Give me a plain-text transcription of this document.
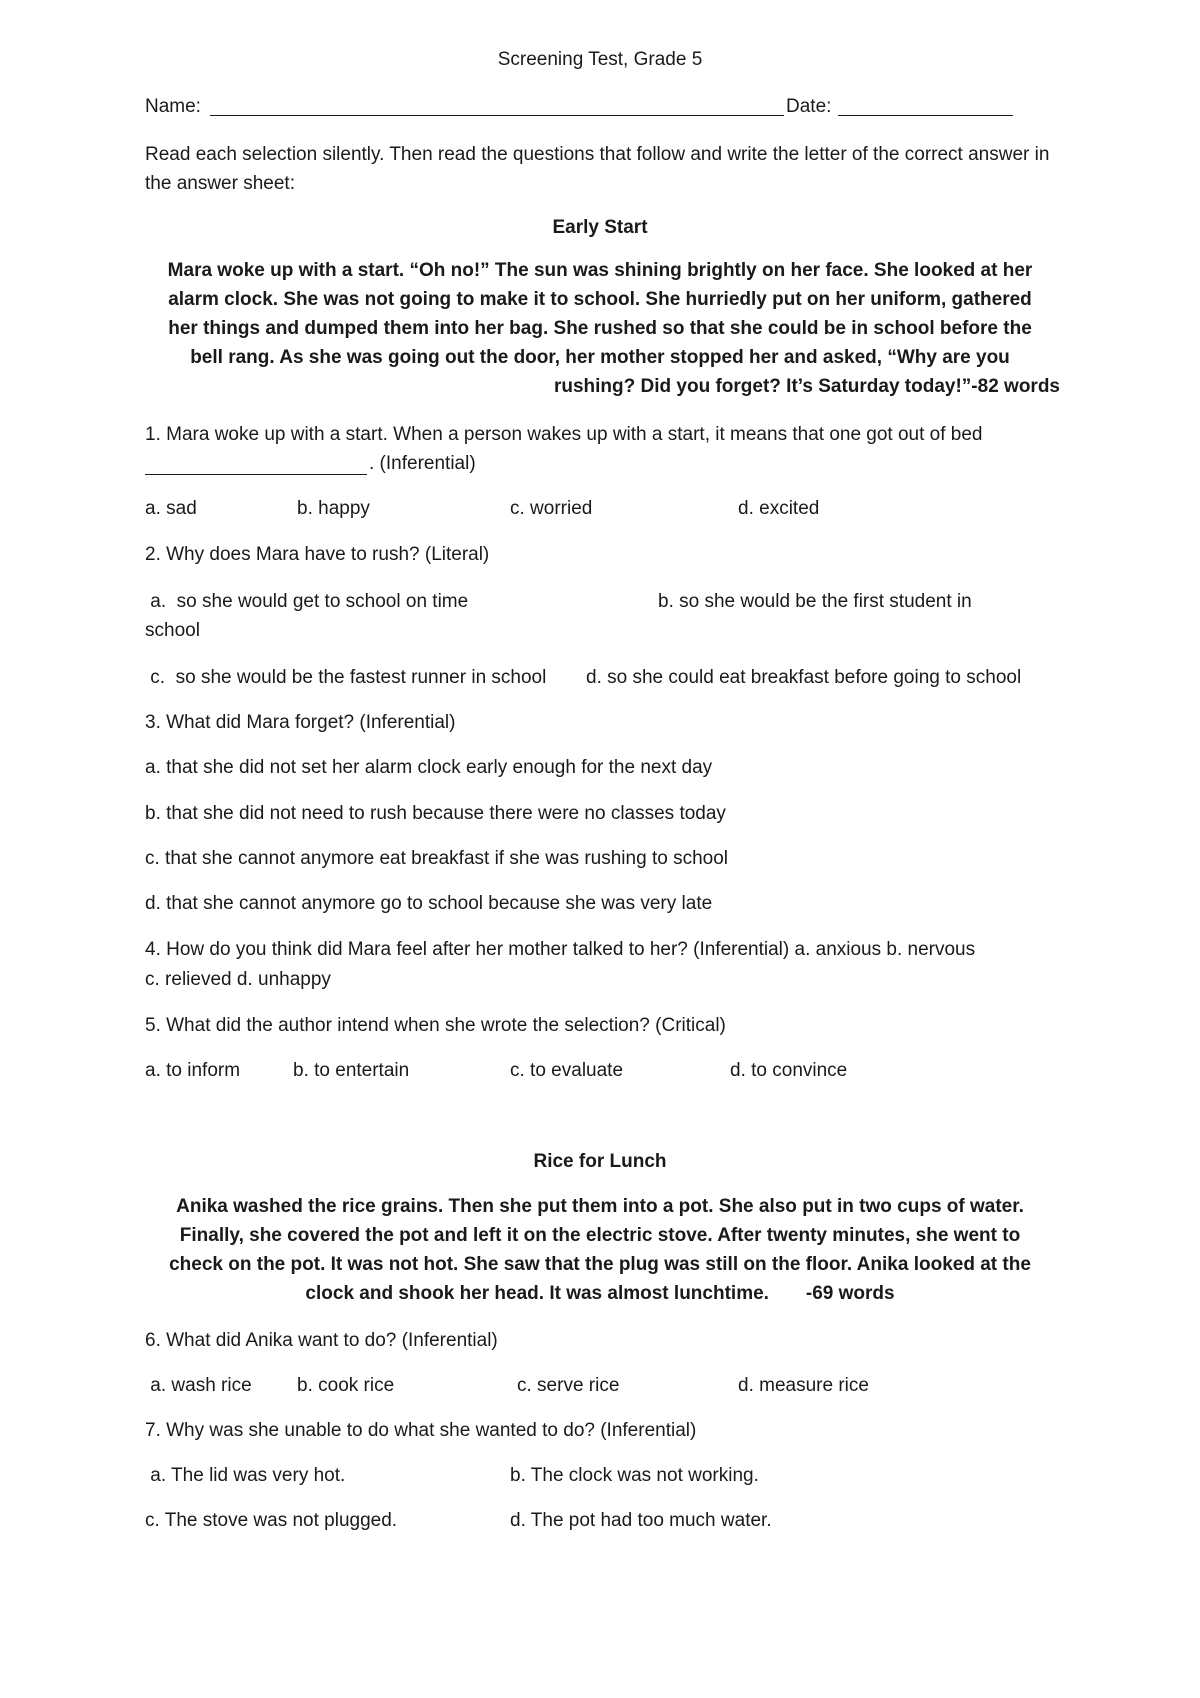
Screening Test, Grade 5
Name:	Date:
Read each selection silently. Then read the questions that follow and write the letter of the correct answer in the answer sheet:
Early Start
Mara woke up with a start. “Oh no!” The sun was shining brightly on her face. She looked at her
alarm clock. She was not going to make it to school. She hurriedly put on her uniform, gathered
her things and dumped them into her bag. She rushed so that she could be in school before the
bell rang. As she was going out the door, her mother stopped her and asked, “Why are you
rushing? Did you forget? It’s Saturday today!”-82 words
1. Mara woke up with a start. When a person wakes up with a start, it means that one got out of bed
. (Inferential)
a. sad	b. happy	c. worried	d. excited
2. Why does Mara have to rush? (Literal)
a.  so she would get to school on time	b. so she would be the first student in
school
c.  so she would be the fastest runner in school d. so she could eat breakfast before going to school
3. What did Mara forget? (Inferential)
a. that she did not set her alarm clock early enough for the next day
b. that she did not need to rush because there were no classes today
c. that she cannot anymore eat breakfast if she was rushing to school
d. that she cannot anymore go to school because she was very late
4. How do you think did Mara feel after her mother talked to her? (Inferential) a. anxious b. nervous
c. relieved d. unhappy
5. What did the author intend when she wrote the selection? (Critical)
a. to inform	b. to entertain	c. to evaluate	d. to convince
Rice for Lunch
Anika washed the rice grains. Then she put them into a pot. She also put in two cups of water.
Finally, she covered the pot and left it on the electric stove. After twenty minutes, she went to
check on the pot. It was not hot. She saw that the plug was still on the floor. Anika looked at the
clock and shook her head. It was almost lunchtime.       -69 words
6. What did Anika want to do? (Inferential)
a. wash rice b. cook rice	c. serve rice	d. measure rice
7. Why was she unable to do what she wanted to do? (Inferential)
a. The lid was very hot.	b. The clock was not working.
c. The stove was not plugged.	d. The pot had too much water.
